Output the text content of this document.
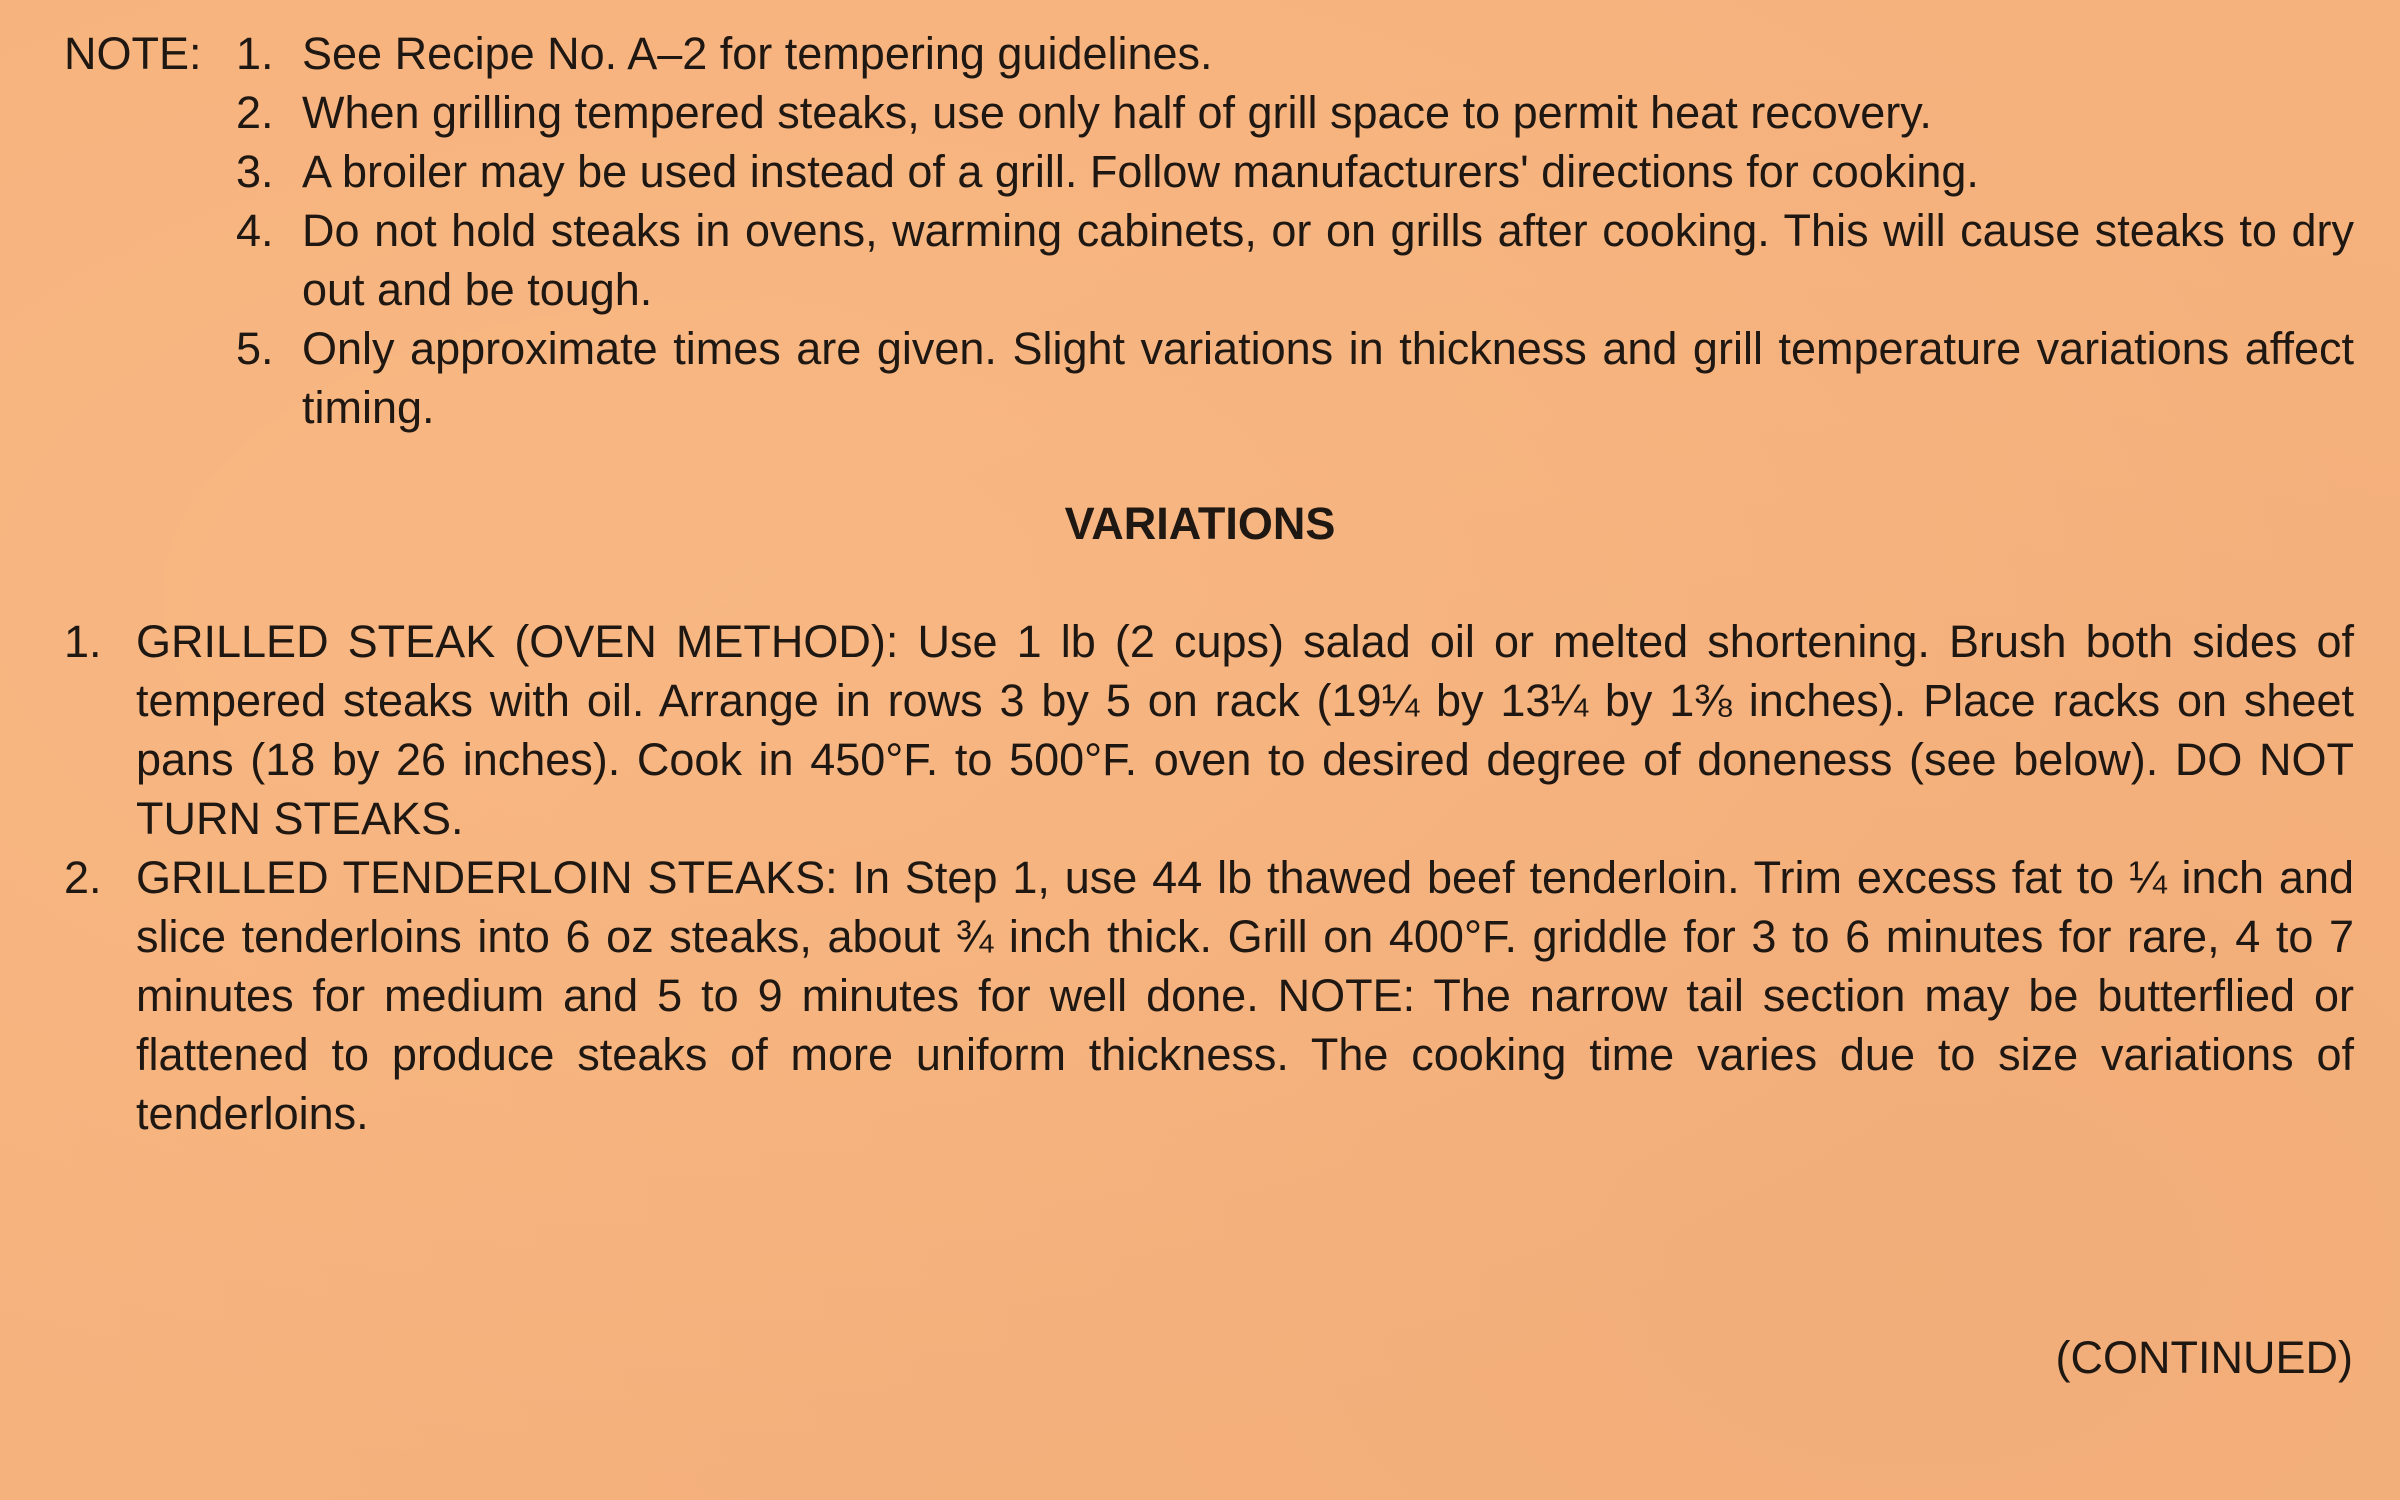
NOTE: 1. See Recipe No. A–2 for tempering guidelines.
2. When grilling tempered steaks, use only half of grill space to permit heat recovery.
3. A broiler may be used instead of a grill. Follow manufacturers' directions for cooking.
4. Do not hold steaks in ovens, warming cabinets, or on grills after cooking. This will cause steaks to dry out and be tough.
5. Only approximate times are given. Slight variations in thickness and grill temperature variations affect timing.
VARIATIONS
1. GRILLED STEAK (OVEN METHOD): Use 1 lb (2 cups) salad oil or melted shortening. Brush both sides of tempered steaks with oil. Arrange in rows 3 by 5 on rack (19¼ by 13¼ by 1⅜ inches). Place racks on sheet pans (18 by 26 inches). Cook in 450°F. to 500°F. oven to desired degree of doneness (see below). DO NOT TURN STEAKS.
2. GRILLED TENDERLOIN STEAKS: In Step 1, use 44 lb thawed beef tenderloin. Trim excess fat to ¼ inch and slice tenderloins into 6 oz steaks, about ¾ inch thick. Grill on 400°F. griddle for 3 to 6 minutes for rare, 4 to 7 minutes for medium and 5 to 9 minutes for well done. NOTE: The narrow tail section may be butterflied or flattened to produce steaks of more uniform thickness. The cooking time varies due to size variations of tenderloins.
(CONTINUED)
